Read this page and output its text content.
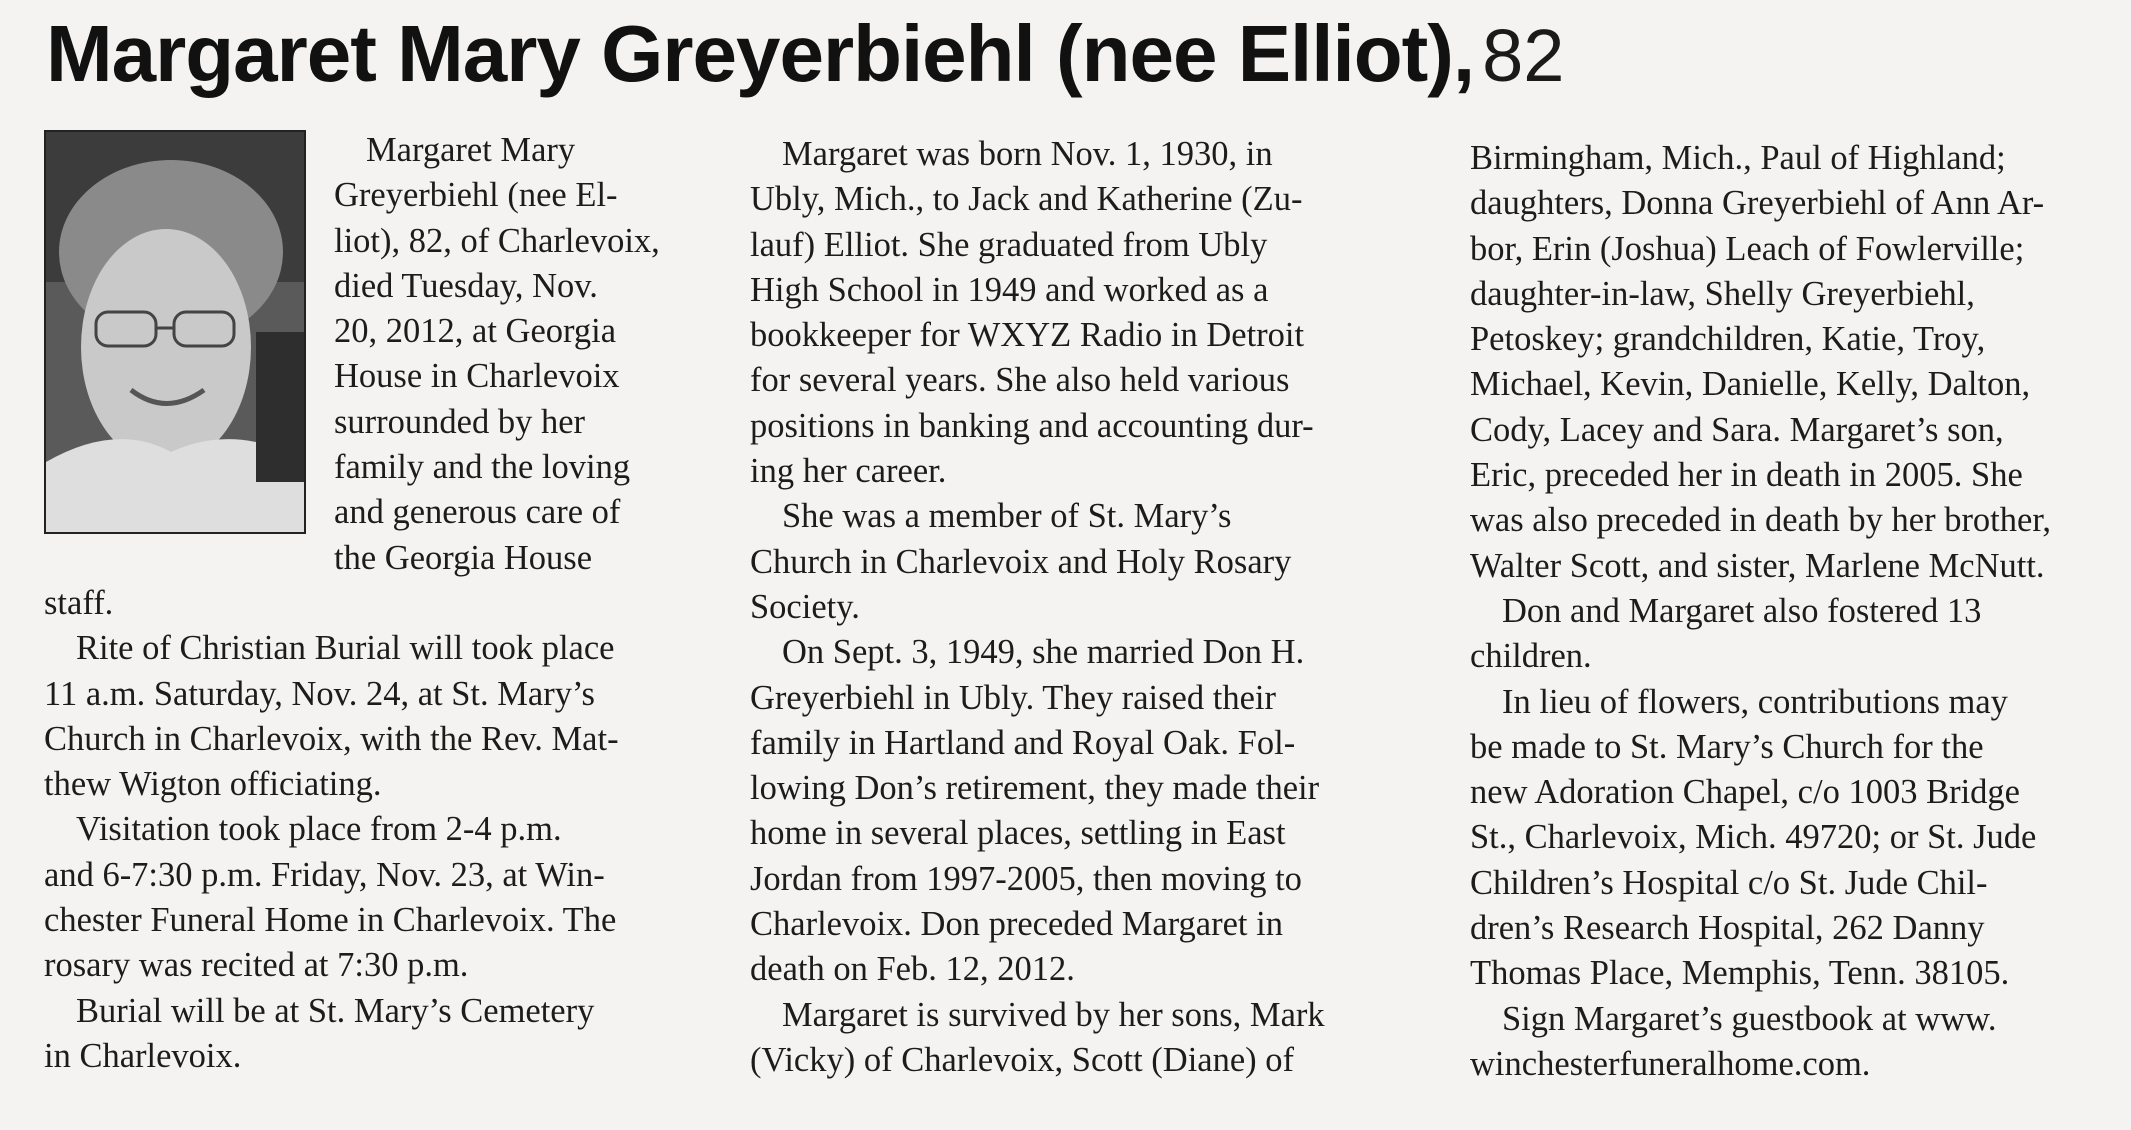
Margaret Mary Greyerbiehl (nee Elliot), 82
Margaret Mary
Greyerbiehl (nee El-
liot), 82, of Charlevoix,
died Tuesday, Nov.
20, 2012, at Georgia
House in Charlevoix
surrounded by her
family and the loving
and generous care of
the Georgia House
staff.

Rite of Christian Burial will took place
11 a.m. Saturday, Nov. 24, at St. Mary’s
Church in Charlevoix, with the Rev. Mat-
thew Wigton officiating.

Visitation took place from 2-4 p.m.
and 6-7:30 p.m. Friday, Nov. 23, at Win-
chester Funeral Home in Charlevoix. The
rosary was recited at 7:30 p.m.

Burial will be at St. Mary’s Cemetery
in Charlevoix.

Margaret was born Nov. 1, 1930, in
Ubly, Mich., to Jack and Katherine (Zu-
lauf) Elliot. She graduated from Ubly
High School in 1949 and worked as a
bookkeeper for WXYZ Radio in Detroit
for several years. She also held various
positions in banking and accounting dur-
ing her career.

She was a member of St. Mary’s
Church in Charlevoix and Holy Rosary
Society.

On Sept. 3, 1949, she married Don H.
Greyerbiehl in Ubly. They raised their
family in Hartland and Royal Oak. Fol-
lowing Don’s retirement, they made their
home in several places, settling in East
Jordan from 1997-2005, then moving to
Charlevoix. Don preceded Margaret in
death on Feb. 12, 2012.

Margaret is survived by her sons, Mark
(Vicky) of Charlevoix, Scott (Diane) of

Birmingham, Mich., Paul of Highland;
daughters, Donna Greyerbiehl of Ann Ar-
bor, Erin (Joshua) Leach of Fowlerville;
daughter-in-law, Shelly Greyerbiehl,
Petoskey; grandchildren, Katie, Troy,
Michael, Kevin, Danielle, Kelly, Dalton,
Cody, Lacey and Sara. Margaret’s son,
Eric, preceded her in death in 2005. She
was also preceded in death by her brother,
Walter Scott, and sister, Marlene McNutt.

Don and Margaret also fostered 13
children.

In lieu of flowers, contributions may
be made to St. Mary’s Church for the
new Adoration Chapel, c/o 1003 Bridge
St., Charlevoix, Mich. 49720; or St. Jude
Children’s Hospital c/o St. Jude Chil-
dren’s Research Hospital, 262 Danny
Thomas Place, Memphis, Tenn. 38105.

Sign Margaret’s guestbook at www.
winchesterfuneralhome.com.
